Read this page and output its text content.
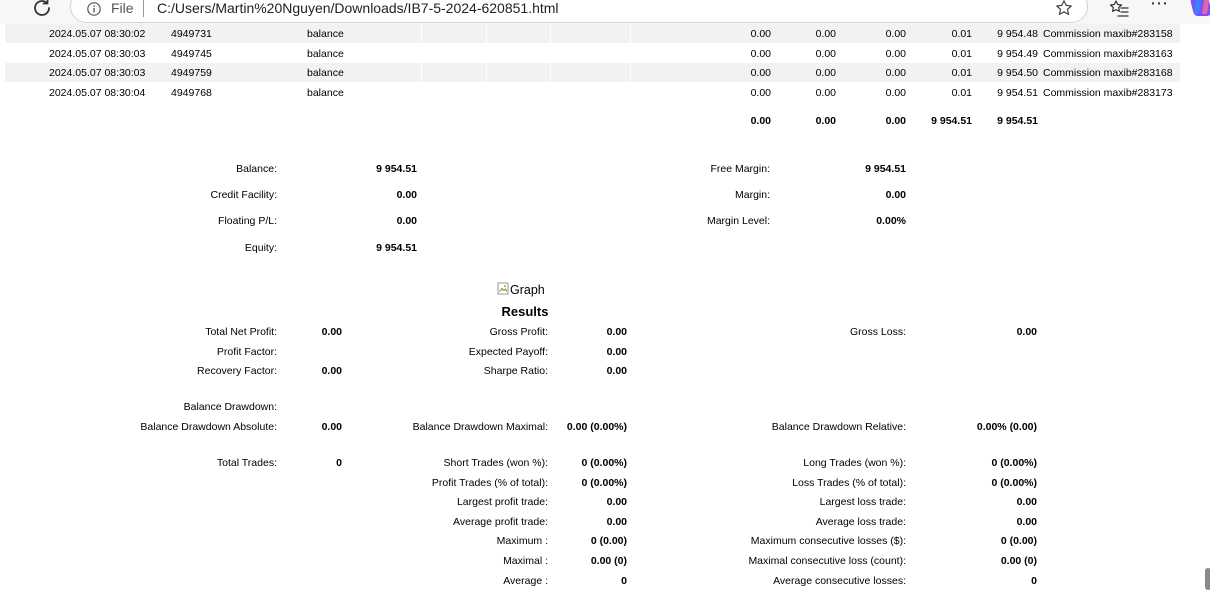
File C:/Users/Martin%20Nguyen/Downloads/IB7-5-2024-620851.html	⋯
2024.05.07 08:30:02 4949731	balance	0.00	0.00	0.00	0.01	9 954.48 Commission maxib#283158
2024.05.07 08:30:03 4949745	balance	0.00	0.00	0.00	0.01	9 954.49 Commission maxib#283163
2024.05.07 08:30:03 4949759	balance	0.00	0.00	0.00	0.01	9 954.50 Commission maxib#283168
2024.05.07 08:30:04 4949768	balance	0.00	0.00	0.00	0.01	9 954.51 Commission maxib#283173
0.00	0.00	0.00	9 954.51	9 954.51
Balance:	9 954.51
Credit Facility:	0.00
Floating P/L:	0.00
Equity:	9 954.51
Free Margin:	9 954.51
Margin:	0.00
Margin Level:	0.00%
Graph
Results
Total Net Profit:	0.00
Profit Factor:
Recovery Factor:	0.00
Balance Drawdown:
Balance Drawdown Absolute:	0.00
Total Trades:	0
Gross Profit:	0.00
Expected Payoff:	0.00
Sharpe Ratio:	0.00
Balance Drawdown Maximal:	0.00 (0.00%)
Short Trades (won %):	0 (0.00%)
Profit Trades (% of total):	0 (0.00%)
Largest profit trade:	0.00
Average profit trade:	0.00
Maximum :	0 (0.00)
Maximal :	0.00 (0)
Average :	0
Gross Loss:	0.00
Balance Drawdown Relative:	0.00% (0.00)
Long Trades (won %):	0 (0.00%)
Loss Trades (% of total):	0 (0.00%)
Largest loss trade:	0.00
Average loss trade:	0.00
Maximum consecutive losses ($):	0 (0.00)
Maximal consecutive loss (count):	0.00 (0)
Average consecutive losses:	0
